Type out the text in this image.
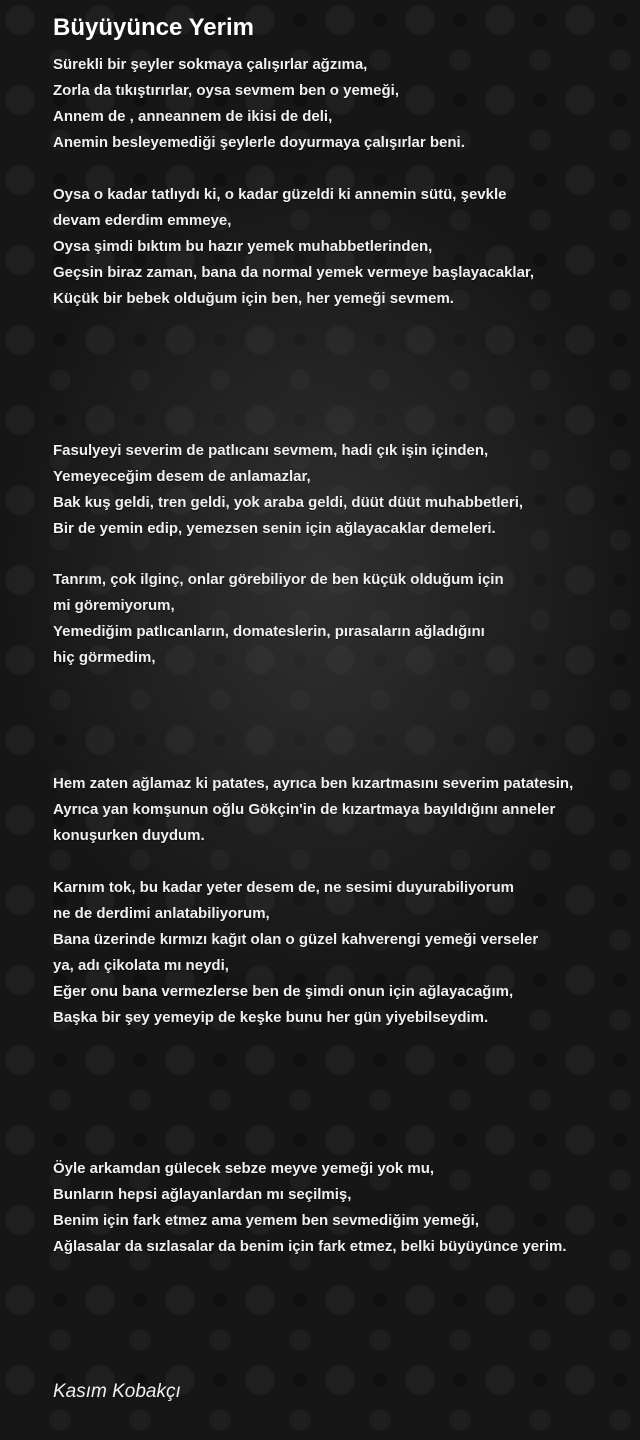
Büyüyünce Yerim
Sürekli bir şeyler sokmaya çalışırlar ağzıma,
Zorla da tıkıştırırlar, oysa sevmem ben o yemeği,
Annem de , anneannem de ikisi de deli,
Anemin besleyemediği şeylerle doyurmaya çalışırlar beni.
Oysa o kadar tatlıydı ki, o kadar güzeldi ki annemin sütü, şevkle
devam ederdim emmeye,
Oysa şimdi bıktım bu hazır yemek muhabbetlerinden,
Geçsin biraz zaman, bana da normal yemek vermeye başlayacaklar,
Küçük bir bebek olduğum için ben, her yemeği sevmem.
Fasulyeyi severim de patlıcanı sevmem, hadi çık işin içinden,
Yemeyeceğim desem de anlamazlar,
Bak kuş geldi, tren geldi, yok araba geldi, düüt düüt muhabbetleri,
Bir de yemin edip, yemezsen senin için ağlayacaklar demeleri.
Tanrım, çok ilginç, onlar görebiliyor de ben küçük olduğum için
mi göremiyorum,
Yemediğim patlıcanların, domateslerin, pırasaların ağladığını
hiç görmedim,
Hem zaten ağlamaz ki patates, ayrıca ben kızartmasını severim patatesin,
Ayrıca yan komşunun oğlu Gökçin'in de kızartmaya bayıldığını anneler
konuşurken duydum.
Karnım tok, bu kadar yeter desem de, ne sesimi duyurabiliyorum
ne de derdimi anlatabiliyorum,
Bana üzerinde kırmızı kağıt olan o güzel kahverengi yemeği verseler
ya, adı çikolata mı neydi,
Eğer onu bana vermezlerse ben de şimdi onun için ağlayacağım,
Başka bir şey yemeyip de keşke bunu her gün yiyebilseydim.
Öyle arkamdan gülecek sebze meyve yemeği yok mu,
Bunların hepsi ağlayanlardan mı seçilmiş,
Benim için fark etmez ama yemem ben sevmediğim yemeği,
Ağlasalar da sızlasalar da benim için fark etmez, belki büyüyünce yerim.
Kasım Kobakçı
